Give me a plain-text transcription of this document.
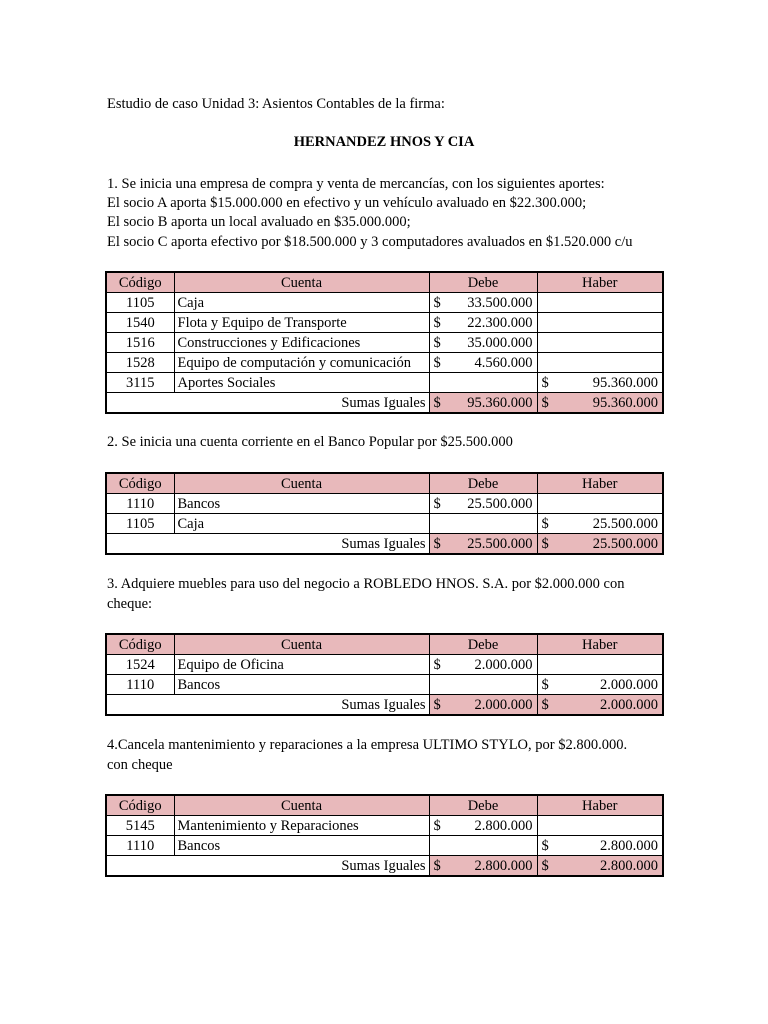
Estudio de caso Unidad 3: Asientos Contables de la firma:
HERNANDEZ HNOS Y CIA
1. Se inicia una empresa de compra y venta de mercancías, con los siguientes aportes:
El socio A aporta $15.000.000 en efectivo y un vehículo avaluado en $22.300.000;
El socio B aporta un local avaluado en $35.000.000;
El socio C aporta efectivo por $18.500.000 y 3 computadores avaluados en $1.520.000 c/u
Código	Cuenta	Debe	Haber
1105	Caja	$ 33.500.000	

1540	Flota y Equipo de Transporte	$ 22.300.000	

1516	Construcciones y Edificaciones	$ 35.000.000	

1528	Equipo de computación y comunicación	$ 4.560.000	

3115	Aportes Sociales		$ 95.360.000

Sumas Iguales		$ 95.360.000	$ 95.360.000
2. Se inicia una cuenta corriente en el Banco Popular por $25.500.000
Código	Cuenta	Debe	Haber
1110	Bancos	$ 25.500.000	

1105	Caja		$ 25.500.000

Sumas Iguales		$ 25.500.000	$ 25.500.000
3. Adquiere muebles para uso del negocio a ROBLEDO HNOS. S.A. por $2.000.000 con
cheque:
Código	Cuenta	Debe	Haber
1524	Equipo de Oficina	$ 2.000.000	

1110	Bancos		$ 2.000.000

Sumas Iguales		$ 2.000.000	$ 2.000.000
4.Cancela mantenimiento y reparaciones a la empresa ULTIMO STYLO, por $2.800.000.
con cheque
Código	Cuenta	Debe	Haber
5145	Mantenimiento y Reparaciones	$ 2.800.000	

1110	Bancos		$ 2.800.000

Sumas Iguales		$ 2.800.000	$ 2.800.000
